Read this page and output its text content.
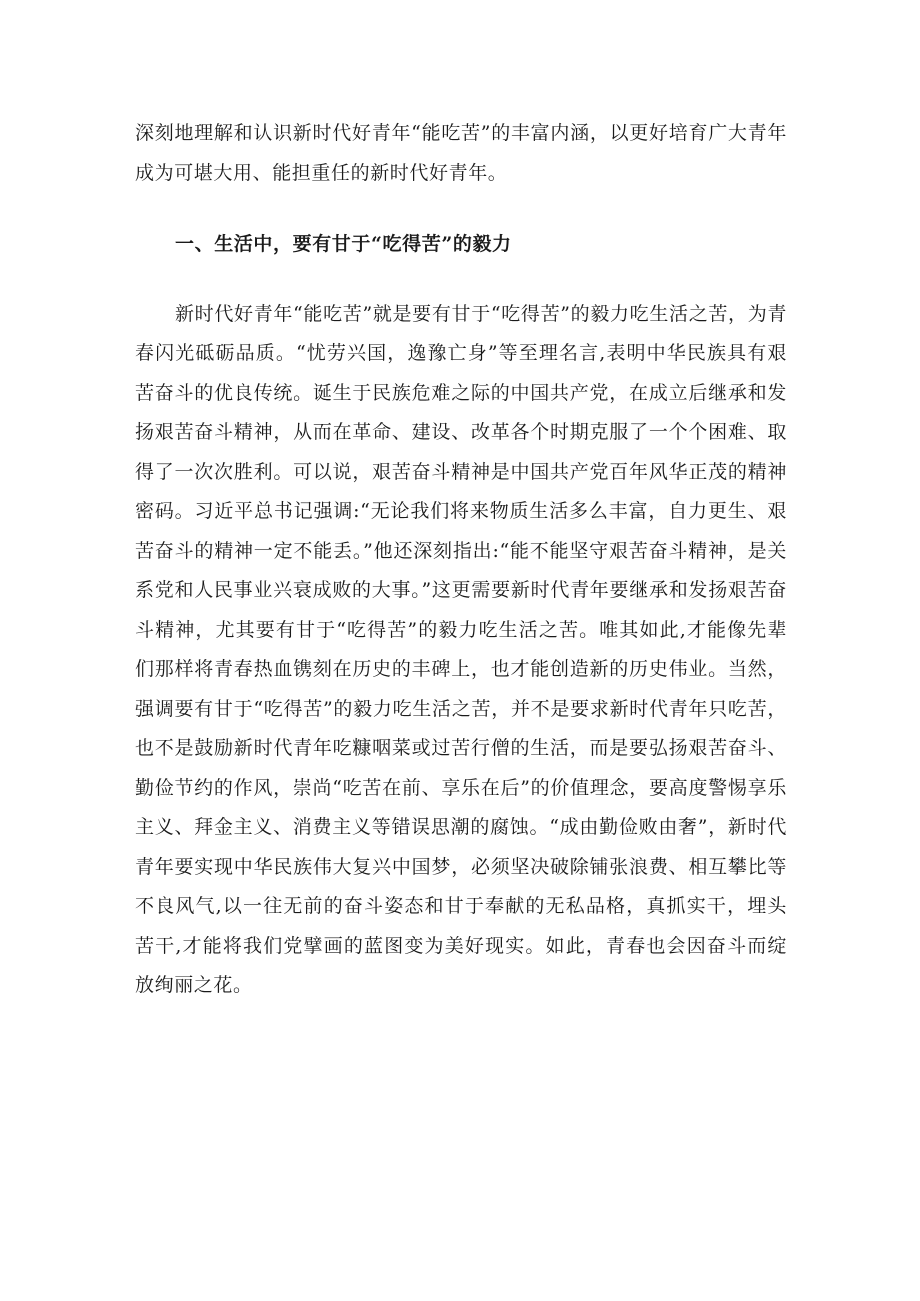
深刻地理解和认识新时代好青年“能吃苦”的丰富内涵，以更好培育广大青年成为可堪大用、能担重任的新时代好青年。

一、生活中，要有甘于“吃得苦”的毅力

新时代好青年“能吃苦”就是要有甘于“吃得苦”的毅力吃生活之苦，为青春闪光砥砺品质。“忧劳兴国，逸豫亡身”等至理名言,表明中华民族具有艰苦奋斗的优良传统。诞生于民族危难之际的中国共产党，在成立后继承和发扬艰苦奋斗精神，从而在革命、建设、改革各个时期克服了一个个困难、取得了一次次胜利。可以说，艰苦奋斗精神是中国共产党百年风华正茂的精神密码。习近平总书记强调:“无论我们将来物质生活多么丰富，自力更生、艰苦奋斗的精神一定不能丢。”他还深刻指出:“能不能坚守艰苦奋斗精神，是关系党和人民事业兴衰成败的大事。”这更需要新时代青年要继承和发扬艰苦奋斗精神，尤其要有甘于“吃得苦”的毅力吃生活之苦。唯其如此,才能像先辈们那样将青春热血镌刻在历史的丰碑上，也才能创造新的历史伟业。当然，强调要有甘于“吃得苦”的毅力吃生活之苦，并不是要求新时代青年只吃苦，也不是鼓励新时代青年吃糠咽菜或过苦行僧的生活，而是要弘扬艰苦奋斗、勤俭节约的作风，崇尚“吃苦在前、享乐在后”的价值理念，要高度警惕享乐主义、拜金主义、消费主义等错误思潮的腐蚀。“成由勤俭败由奢”，新时代青年要实现中华民族伟大复兴中国梦，必须坚决破除铺张浪费、相互攀比等不良风气,以一往无前的奋斗姿态和甘于奉献的无私品格，真抓实干，埋头苦干,才能将我们党擘画的蓝图变为美好现实。如此，青春也会因奋斗而绽放绚丽之花。
